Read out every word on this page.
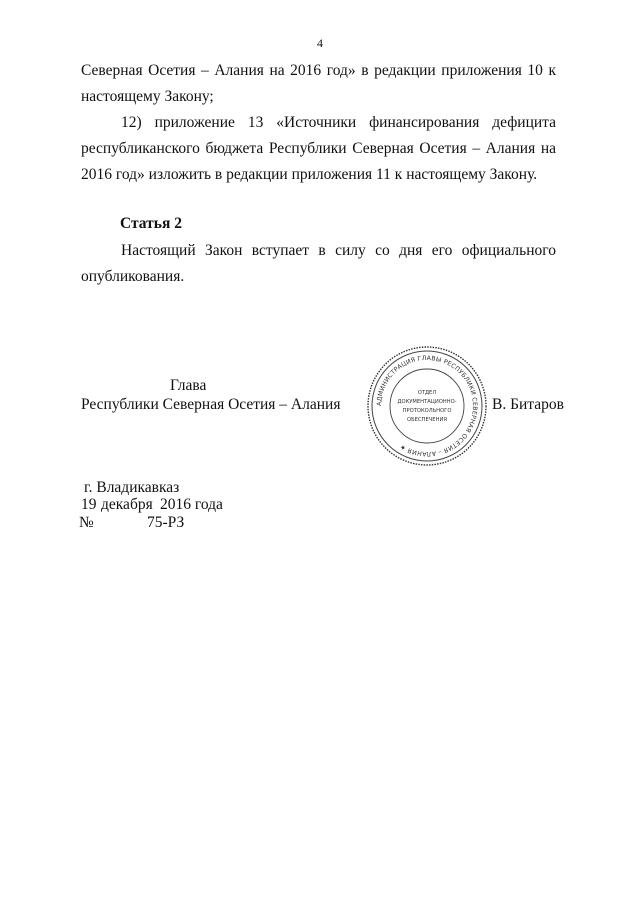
4
Северная Осетия – Алания на 2016 год» в редакции приложения 10 к настоящему Закону;
12) приложение 13 «Источники финансирования дефицита республиканского бюджета Республики Северная Осетия – Алания на 2016 год» изложить в редакции приложения 11 к настоящему Закону.
Статья 2
Настоящий Закон вступает в силу со дня его официального опубликования.
Глава
Республики Северная Осетия – Алания	В. Битаров
АДМИНИСТРАЦИЯ ГЛАВЫ РЕСПУБЛИКИ СЕВЕРНАЯ ОСЕТИЯ – АЛАНИЯ ★
ОТДЕЛ
ДОКУМЕНТАЦИОННО-
ПРОТОКОЛЬНОГО
ОБЕСПЕЧЕНИЯ
г. Владикавказ
19 декабря 2016 года
№	75-РЗ
